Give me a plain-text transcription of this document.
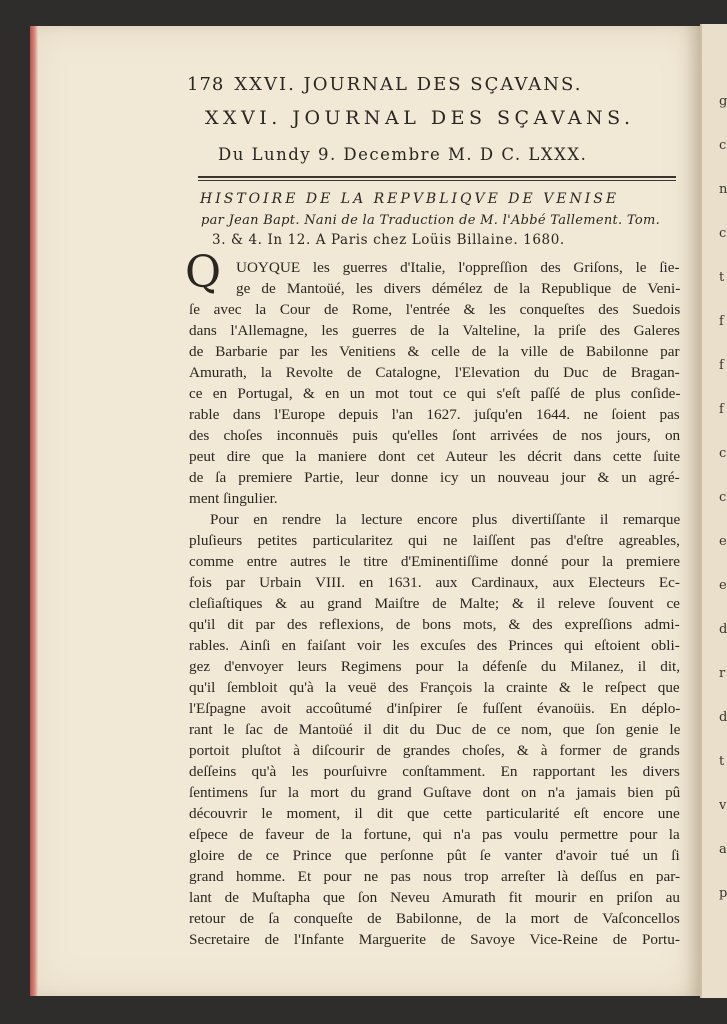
g
c
n
c
t
f
f
f
c
c
e
e
d
r
d
t
v
a
p
178 XXVI. JOURNAL DES SÇAVANS.
XXVI. JOURNAL DES SÇAVANS.
Du Lundy 9. Decembre M. D C. LXXX.
HISTOIRE DE LA REPVBLIQVE DE VENISE
par Jean Bapt. Nani de la Traduction de M. l'Abbé Tallement. Tom.
3. & 4. In 12. A Paris chez Loüis Billaine. 1680.
Q UOYQUE les guerres d'Italie, l'oppreſſion des Griſons, le ſie-
ge de Mantoüé, les divers démélez de la Republique de Veni-
ſe avec la Cour de Rome, l'entrée & les conqueſtes des Suedois
dans l'Allemagne, les guerres de la Valteline, la priſe des Galeres
de Barbarie par les Venitiens & celle de la ville de Babilonne par
Amurath, la Revolte de Catalogne, l'Elevation du Duc de Bragan-
ce en Portugal, & en un mot tout ce qui s'eſt paſſé de plus conſide-
rable dans l'Europe depuis l'an 1627. juſqu'en 1644. ne ſoient pas
des choſes inconnuës puis qu'elles ſont arrivées de nos jours, on
peut dire que la maniere dont cet Auteur les décrit dans cette ſuite
de ſa premiere Partie, leur donne icy un nouveau jour & un agré-
ment ſingulier.
Pour en rendre la lecture encore plus divertiſſante il remarque
pluſieurs petites particularitez qui ne laiſſent pas d'eſtre agreables,
comme entre autres le titre d'Eminentiſſime donné pour la premiere
fois par Urbain VIII. en 1631. aux Cardinaux, aux Electeurs Ec-
cleſiaſtiques & au grand Maiſtre de Malte; & il releve ſouvent ce
qu'il dit par des reflexions, de bons mots, & des expreſſions admi-
rables. Ainſi en faiſant voir les excuſes des Princes qui eſtoient obli-
gez d'envoyer leurs Regimens pour la défenſe du Milanez, il dit,
qu'il ſembloit qu'à la veuë des François la crainte & le reſpect que
l'Eſpagne avoit accoûtumé d'inſpirer ſe fuſſent évanoüis. En déplo-
rant le ſac de Mantoüé il dit du Duc de ce nom, que ſon genie le
portoit pluſtot à diſcourir de grandes choſes, & à former de grands
deſſeins qu'à les pourſuivre conſtamment. En rapportant les divers
ſentimens ſur la mort du grand Guſtave dont on n'a jamais bien pû
découvrir le moment, il dit que cette particularité eſt encore une
eſpece de faveur de la fortune, qui n'a pas voulu permettre pour la
gloire de ce Prince que perſonne pût ſe vanter d'avoir tué un ſi
grand homme. Et pour ne pas nous trop arreſter là deſſus en par-
lant de Muſtapha que ſon Neveu Amurath fit mourir en priſon au
retour de ſa conqueſte de Babilonne, de la mort de Vaſconcellos
Secretaire de l'Infante Marguerite de Savoye Vice-Reine de Portu-
